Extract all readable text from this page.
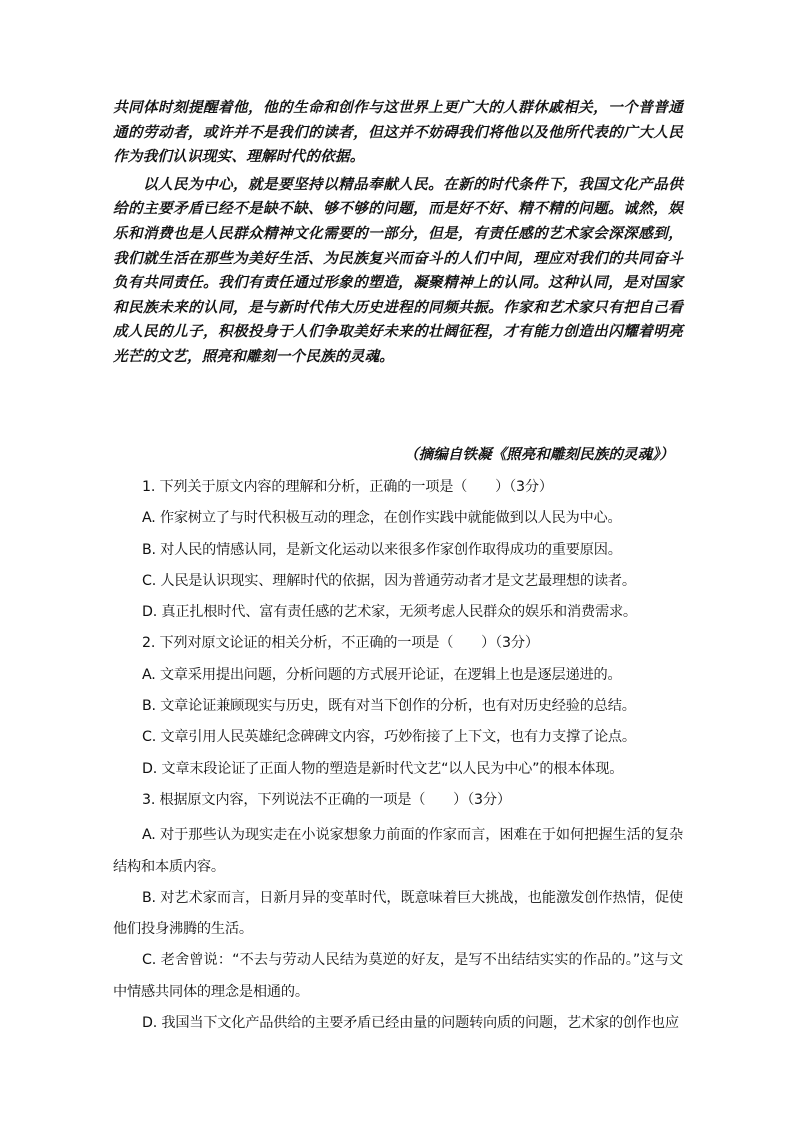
共同体时刻提醒着他，他的生命和创作与这世界上更广大的人群休戚相关，一个普普通通的劳动者，或许并不是我们的读者，但这并不妨碍我们将他以及他所代表的广大人民作为我们认识现实、理解时代的依据。

以人民为中心，就是要坚持以精品奉献人民。在新的时代条件下，我国文化产品供给的主要矛盾已经不是缺不缺、够不够的问题，而是好不好、精不精的问题。诚然，娱乐和消费也是人民群众精神文化需要的一部分，但是，有责任感的艺术家会深深感到，我们就生活在那些为美好生活、为民族复兴而奋斗的人们中间，理应对我们的共同奋斗负有共同责任。我们有责任通过形象的塑造，凝聚精神上的认同。这种认同，是对国家和民族未来的认同，是与新时代伟大历史进程的同频共振。作家和艺术家只有把自己看成人民的儿子，积极投身于人们争取美好未来的壮阔征程，才有能力创造出闪耀着明亮光芒的文艺，照亮和雕刻一个民族的灵魂。

（摘编自铁凝《照亮和雕刻民族的灵魂》）
1. 下列关于原文内容的理解和分析，正确的一项是（　　）（3分）
A. 作家树立了与时代积极互动的理念，在创作实践中就能做到以人民为中心。
B. 对人民的情感认同，是新文化运动以来很多作家创作取得成功的重要原因。
C. 人民是认识现实、理解时代的依据，因为普通劳动者才是文艺最理想的读者。
D. 真正扎根时代、富有责任感的艺术家，无须考虑人民群众的娱乐和消费需求。
2. 下列对原文论证的相关分析，不正确的一项是（　　）（3分）
A. 文章采用提出问题，分析问题的方式展开论证，在逻辑上也是逐层递进的。
B. 文章论证兼顾现实与历史，既有对当下创作的分析，也有对历史经验的总结。
C. 文章引用人民英雄纪念碑碑文内容，巧妙衔接了上下文，也有力支撑了论点。
D. 文章末段论证了正面人物的塑造是新时代文艺“以人民为中心”的根本体现。
3. 根据原文内容，下列说法不正确的一项是（　　）（3分）
A. 对于那些认为现实走在小说家想象力前面的作家而言，困难在于如何把握生活的复杂结构和本质内容。
B. 对艺术家而言，日新月异的变革时代，既意味着巨大挑战，也能激发创作热情，促使他们投身沸腾的生活。
C. 老舍曾说：“不去与劳动人民结为莫逆的好友，是写不出结结实实的作品的。”这与文中情感共同体的理念是相通的。
D. 我国当下文化产品供给的主要矛盾已经由量的问题转向质的问题，艺术家的创作也应
